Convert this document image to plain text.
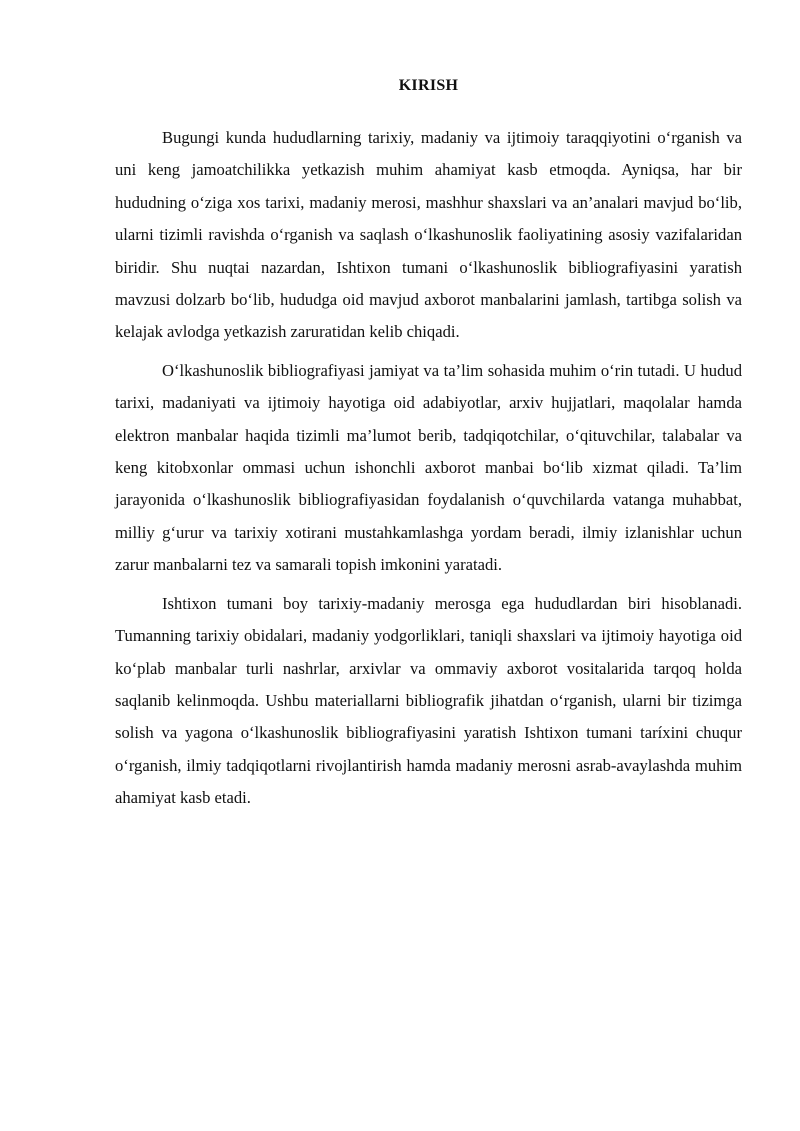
KIRISH

Bugungi kunda hududlarning tarixiy, madaniy va ijtimoiy taraqqiyotini o‘rganish va uni keng jamoatchilikka yetkazish muhim ahamiyat kasb etmoqda. Ayniqsa, har bir hududning o‘ziga xos tarixi, madaniy merosi, mashhur shaxslari va an’analari mavjud bo‘lib, ularni tizimli ravishda o‘rganish va saqlash o‘lkashunoslik faoliyatining asosiy vazifalaridan biridir. Shu nuqtai nazardan, Ishtixon tumani o‘lkashunoslik bibliografiyasini yaratish mavzusi dolzarb bo‘lib, hududga oid mavjud axborot manbalarini jamlash, tartibga solish va kelajak avlodga yetkazish zaruratidan kelib chiqadi.

O‘lkashunoslik bibliografiyasi jamiyat va ta’lim sohasida muhim o‘rin tutadi. U hudud tarixi, madaniyati va ijtimoiy hayotiga oid adabiyotlar, arxiv hujjatlari, maqolalar hamda elektron manbalar haqida tizimli ma’lumot berib, tadqiqotchilar, o‘qituvchilar, talabalar va keng kitobxonlar ommasi uchun ishonchli axborot manbai bo‘lib xizmat qiladi. Ta’lim jarayonida o‘lkashunoslik bibliografiyasidan foydalanish o‘quvchilarda vatanga muhabbat, milliy g‘urur va tarixiy xotirani mustahkamlashga yordam beradi, ilmiy izlanishlar uchun zarur manbalarni tez va samarali topish imkonini yaratadi.

Ishtixon tumani boy tarixiy-madaniy merosga ega hududlardan biri hisoblanadi. Tumanning tarixiy obidalari, madaniy yodgorliklari, taniqli shaxslari va ijtimoiy hayotiga oid ko‘plab manbalar turli nashrlar, arxivlar va ommaviy axborot vositalarida tarqoq holda saqlanib kelinmoqda. Ushbu materiallarni bibliografik jihatdan o‘rganish, ularni bir tizimga solish va yagona o‘lkashunoslik bibliografiyasini yaratish Ishtixon tumani taríxini chuqur o‘rganish, ilmiy tadqiqotlarni rivojlantirish hamda madaniy merosni asrab-avaylashda muhim ahamiyat kasb etadi.
